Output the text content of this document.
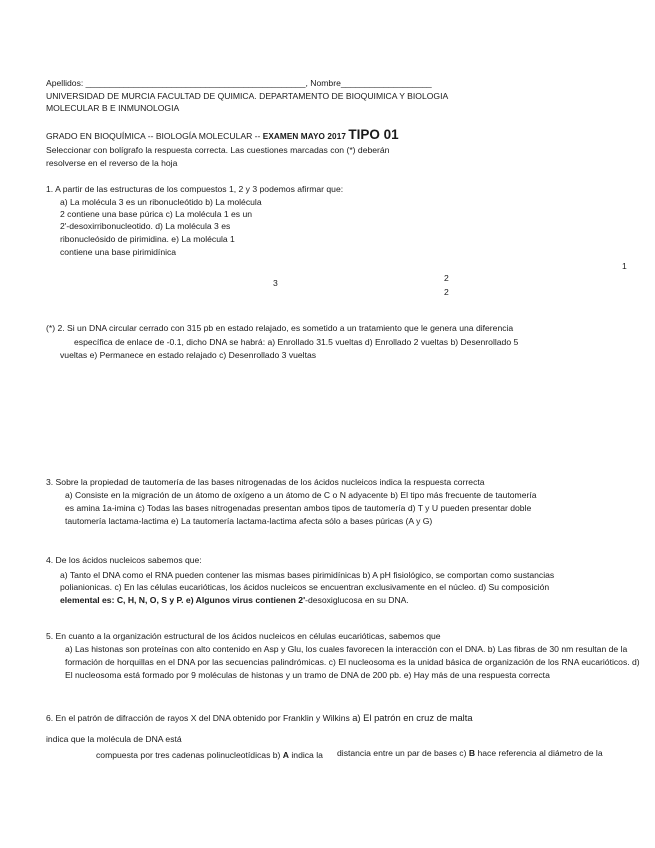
Apellidos: ______________________________________________, Nombre___________________
UNIVERSIDAD DE MURCIA FACULTAD DE QUIMICA. DEPARTAMENTO DE BIOQUIMICA Y BIOLOGIA
MOLECULAR B E INMUNOLOGIA
GRADO EN BIOQUÍMICA -- BIOLOGÍA MOLECULAR -- EXAMEN MAYO 2017 TIPO 01
Seleccionar con bolígrafo la respuesta correcta. Las cuestiones marcadas con (*) deberán
resolverse en el reverso de la hoja
1. A partir de las estructuras de los compuestos 1, 2 y 3 podemos afirmar que:
a) La molécula 3 es un ribonucleótido b) La molécula
2 contiene una base púrica c) La molécula 1 es un
2'-desoxirribonucleotido. d) La molécula 3 es
ribonucleósido de pirimidina. e) La molécula 1
contiene una base pirimidínica
1
3	2
2
(*) 2. Si un DNA circular cerrado con 315 pb en estado relajado, es sometido a un tratamiento que le genera una diferencia
específica de enlace de -0.1, dicho DNA se habrá: a) Enrollado 31.5 vueltas d) Enrollado 2 vueltas b) Desenrollado 5
vueltas e) Permanece en estado relajado c) Desenrollado 3 vueltas
3. Sobre la propiedad de tautomería de las bases nitrogenadas de los ácidos nucleicos indica la respuesta correcta
a) Consiste en la migración de un átomo de oxígeno a un átomo de C o N adyacente b) El tipo más frecuente de tautomería
es amina 1a-imina c) Todas las bases nitrogenadas presentan ambos tipos de tautomería d) T y U pueden presentar doble
tautomería lactama-lactima e) La tautomería lactama-lactima afecta sólo a bases púricas (A y G)
4. De los ácidos nucleicos sabemos que:
a) Tanto el DNA como el RNA pueden contener las mismas bases pirimidínicas b) A pH fisiológico, se comportan como sustancias
polianionicas. c) En las células eucarióticas, los ácidos nucleicos se encuentran exclusivamente en el núcleo. d) Su composición
elemental es: C, H, N, O, S y P. e) Algunos virus contienen 2'-desoxiglucosa en su DNA.
5. En cuanto a la organización estructural de los ácidos nucleicos en células eucarióticas, sabemos que
a) Las histonas son proteínas con alto contenido en Asp y Glu, los cuales favorecen la interacción con el DNA. b) Las fibras de 30 nm resultan de la
formación de horquillas en el DNA por las secuencias palindrómicas. c) El nucleosoma es la unidad básica de organización de los RNA eucarióticos. d)
El nucleosoma está formado por 9 moléculas de histonas y un tramo de DNA de 200 pb. e) Hay más de una respuesta correcta
6. En el patrón de difracción de rayos X del DNA obtenido por Franklin y Wilkins a) El patrón en cruz de malta
indica que la molécula de DNA está
compuesta por tres cadenas polinucleotídicas b) A indica la distancia entre un par de bases c) B hace referencia al diámetro de la
